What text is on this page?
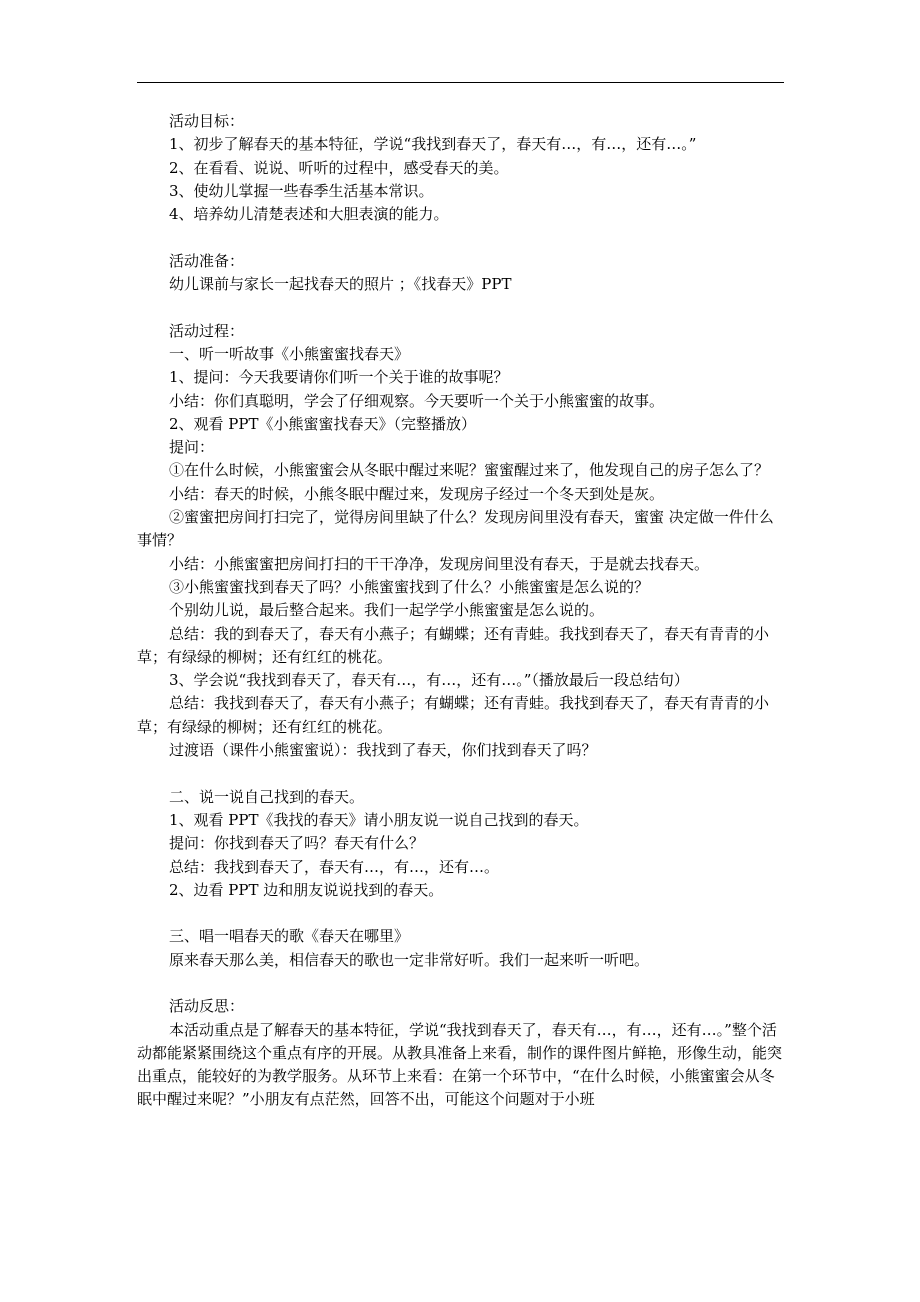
活动目标：

1、初步了解春天的基本特征，学说“我找到春天了，春天有…，有…，还有…。”

2、在看看、说说、听听的过程中，感受春天的美。

3、使幼儿掌握一些春季生活基本常识。

4、培养幼儿清楚表述和大胆表演的能力。

活动准备：

幼儿课前与家长一起找春天的照片 ；《找春天》PPT

活动过程：

一、听一听故事《小熊蜜蜜找春天》

1、提问：今天我要请你们听一个关于谁的故事呢？

小结：你们真聪明，学会了仔细观察。今天要听一个关于小熊蜜蜜的故事。

2、观看 PPT《小熊蜜蜜找春天》（完整播放）

提问：

①在什么时候，小熊蜜蜜会从冬眠中醒过来呢？蜜蜜醒过来了，他发现自己的房子怎么了？

小结：春天的时候，小熊冬眠中醒过来，发现房子经过一个冬天到处是灰。

②蜜蜜把房间打扫完了，觉得房间里缺了什么？发现房间里没有春天，蜜蜜 决定做一件什么事情？

小结：小熊蜜蜜把房间打扫的干干净净，发现房间里没有春天，于是就去找春天。

③小熊蜜蜜找到春天了吗？小熊蜜蜜找到了什么？小熊蜜蜜是怎么说的？

个别幼儿说，最后整合起来。我们一起学学小熊蜜蜜是怎么说的。

总结：我的到春天了，春天有小燕子；有蝴蝶；还有青蛙。我找到春天了，春天有青青的小草；有绿绿的柳树；还有红红的桃花。

3、学会说“我找到春天了，春天有…，有…，还有…。”（播放最后一段总结句）

总结：我找到春天了，春天有小燕子；有蝴蝶；还有青蛙。我找到春天了，春天有青青的小草；有绿绿的柳树；还有红红的桃花。

过渡语（课件小熊蜜蜜说）：我找到了春天，你们找到春天了吗？

二、说一说自己找到的春天。

1、观看 PPT《我找的春天》请小朋友说一说自己找到的春天。

提问：你找到春天了吗？春天有什么？

总结：我找到春天了，春天有…，有…，还有…。

2、边看 PPT 边和朋友说说找到的春天。

三、唱一唱春天的歌《春天在哪里》

原来春天那么美，相信春天的歌也一定非常好听。我们一起来听一听吧。

活动反思：

本活动重点是了解春天的基本特征，学说“我找到春天了，春天有…，有…，还有…。”整个活动都能紧紧围绕这个重点有序的开展。从教具准备上来看，制作的课件图片鲜艳，形像生动，能突出重点，能较好的为教学服务。从环节上来看：在第一个环节中，“在什么时候，小熊蜜蜜会从冬眠中醒过来呢？”小朋友有点茫然，回答不出，可能这个问题对于小班
